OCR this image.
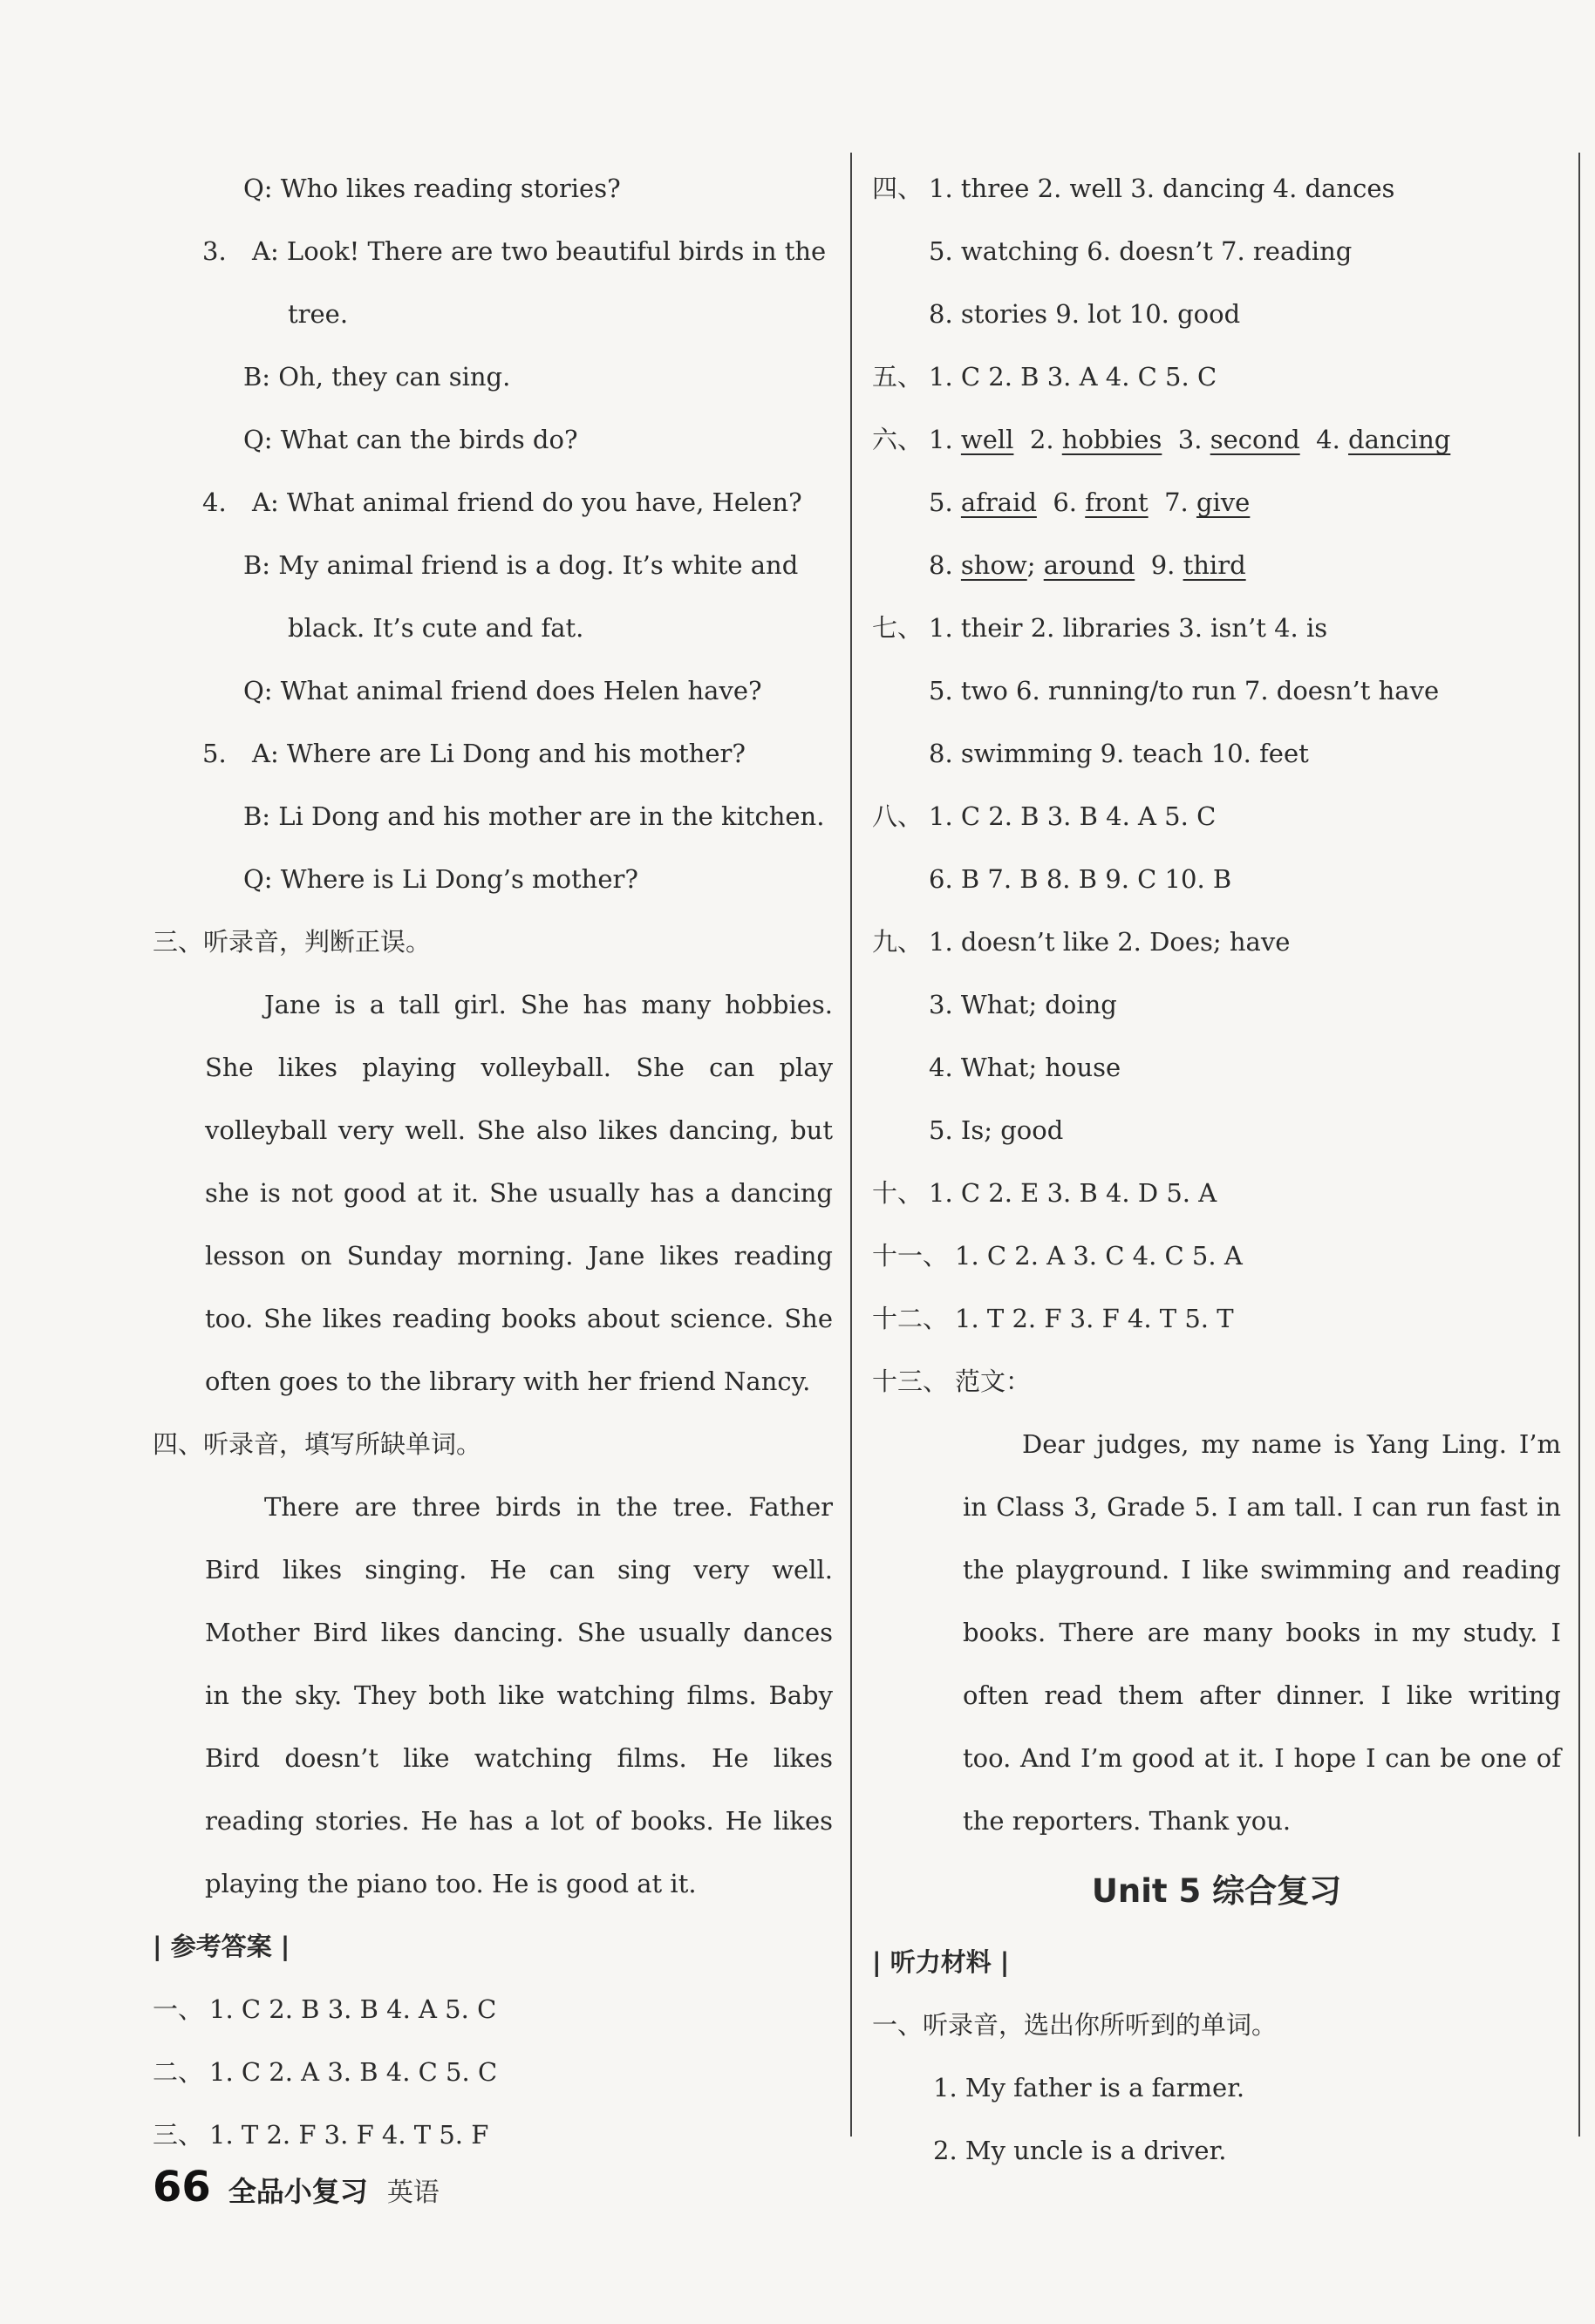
Q: Who likes reading stories?
3. A: Look! There are two beautiful birds in the
tree.
B: Oh, they can sing.
Q: What can the birds do?
4. A: What animal friend do you have, Helen?
B: My animal friend is a dog. It’s white and
black. It’s cute and fat.
Q: What animal friend does Helen have?
5. A: Where are Li Dong and his mother?
B: Li Dong and his mother are in the kitchen.
Q: Where is Li Dong’s mother?
三、听录音，判断正误。
Jane is a tall girl. She has many hobbies. She likes playing volleyball. She can play volleyball very well. She also likes dancing, but she is not good at it. She usually has a dancing lesson on Sunday morning. Jane likes reading too. She likes reading books about science. She often goes to the library with her friend Nancy.
四、听录音，填写所缺单词。
There are three birds in the tree. Father Bird likes singing. He can sing very well. Mother Bird likes dancing. She usually dances in the sky. They both like watching films. Baby Bird doesn’t like watching films. He likes reading stories. He has a lot of books. He likes playing the piano too. He is good at it.
| 参考答案 |
一、 1. C 2. B 3. B 4. A 5. C
二、 1. C 2. A 3. B 4. C 5. C
三、 1. T 2. F 3. F 4. T 5. F
四、 1. three 2. well 3. dancing 4. dances
5. watching 6. doesn’t 7. reading
8. stories 9. lot 10. good
五、 1. C 2. B 3. A 4. C 5. C
六、 1. well 2. hobbies 3. second 4. dancing
5. afraid 6. front 7. give
8. show; around 9. third
七、 1. their 2. libraries 3. isn’t 4. is
5. two 6. running/to run 7. doesn’t have
8. swimming 9. teach 10. feet
八、 1. C 2. B 3. B 4. A 5. C
6. B 7. B 8. B 9. C 10. B
九、 1. doesn’t like 2. Does; have
3. What; doing
4. What; house
5. Is; good
十、 1. C 2. E 3. B 4. D 5. A
十一、 1. C 2. A 3. C 4. C 5. A
十二、 1. T 2. F 3. F 4. T 5. T
十三、 范文：
Dear judges, my name is Yang Ling. I’m in Class 3, Grade 5. I am tall. I can run fast in the playground. I like swimming and reading books. There are many books in my study. I often read them after dinner. I like writing too. And I’m good at it. I hope I can be one of the reporters. Thank you.
Unit 5 综合复习
| 听力材料 |
一、听录音，选出你所听到的单词。
1. My father is a farmer.
2. My uncle is a driver.
66 全品小复习 英语
